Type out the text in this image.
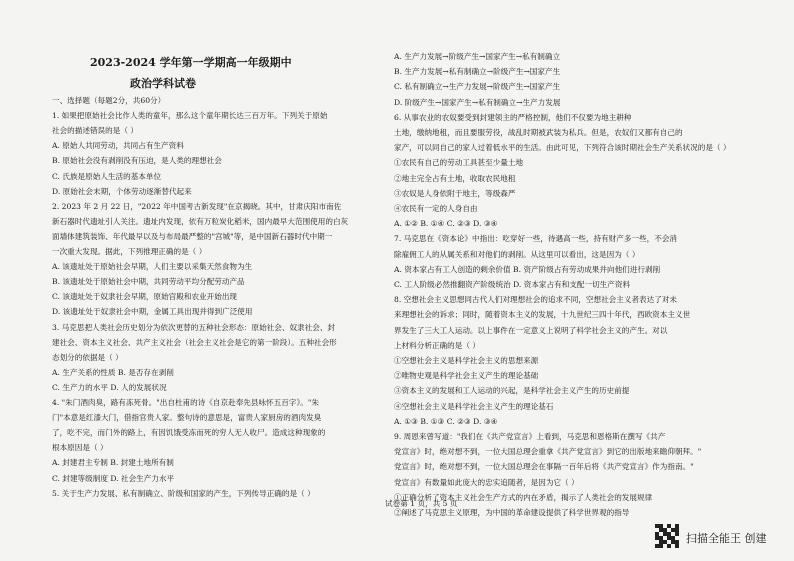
2023-2024 学年第一学期高一年级期中
政治学科试卷
一、选择题（每题2分，共60分）
1. 如果把原始社会比作人类的童年，那么这个童年期长达三百万年。下列关于原始
社会的描述错误的是（ ）
A. 原始人共同劳动，共同占有生产资料
B. 原始社会没有剥削没有压迫，是人类的理想社会
C. 氏族是原始人生活的基本单位
D. 原始社会末期，个体劳动逐渐替代起来
2. 2023 年 2 月 22 日，"2022 年中国考古新发现"在京揭晓。其中，甘肃庆阳市南佐
新石器时代遗址引人关注。遗址内发现，依有万粒炭化稻米，国内最早大范围使用的白灰
面墙体建筑装饰、年代最早以及与布局最严整的"宫城"等，是中国新石器时代中期一
一次重大发现。据此，下列推理正确的是（ ）
A. 该遗址处于原始社会早期，人们主要以采集天然食物为生
B. 该遗址处于原始社会中期，共同劳动平均分配劳动产品
C. 该遗址处于奴隶社会早期，原始宫殿和农业开始出现
D. 该遗址处于奴隶社会中期，金属工具出现并得到广泛使用
3. 马克思把人类社会历史划分为依次更替的五种社会形态：原始社会、奴隶社会、封
建社会、资本主义社会、共产主义社会（社会主义社会是它的第一阶段）。五种社会形
态划分的依据是（ ）
A. 生产关系的性质 B. 是否存在剥削
C. 生产力的水平 D. 人的发展状况
4. "朱门酒肉臭，路有冻死骨。"出自杜甫的诗《自京赴奉先县咏怀五百字》。"朱
门"本意是红漆大门，借指官贵人家。整句诗的意思是，富贵人家厨房的酒肉发臭
了，吃不完，而门外的路上，有因饥饿受冻而死的穷人无人收尸。造成这种现象的
根本原因是（ ）
A. 封建君主专制 B. 封建土地所有制
C. 封建等级制度 D. 社会生产力水平
5. 关于生产力发展、私有制确立、阶级和国家的产生，下列传导正确的是（ ）
A. 生产力发展→阶级产生→国家产生→私有制确立
B. 生产力发展→私有制确立→阶级产生→国家产生
C. 私有制确立→生产力发展→阶级产生→国家产生
D. 阶级产生→国家产生→私有制确立→生产力发展
6. 从事农业的农奴要受到封建领主的严格控制，他们不仅要为地主耕种
土地，缴纳地租，而且要服劳役，战乱时期被武装为私兵。但是，农奴们又都有自己的
家产，可以同自己的家人过着低水平的生活。由此可见，下列符合该时期社会生产关系状况的是（ ）
①农民有自己的劳动工具甚至少量土地
②地主完全占有土地，收取农民地租
③农奴是人身依附于地主，等级森严
④农民有一定的人身自由
A. ①② B. ①④ C. ②③ D. ③④
7. 马克思在《资本论》中指出：吃穿好一些，待遇高一些，持有财产多一些，不会消
除雇佣工人的从属关系和对他们的剥削。从这里可以看出，这是因为（ ）
A. 资本家占有工人创造的剩余价值 B. 资产阶级占有劳动成果并向他们进行剥削
C. 工人阶级必然推翻资产阶级统治 D. 资本家占有和支配一切生产资料
8. 空想社会主义思想同古代人们对理想社会的追求不同，空想社会主义者表达了对未
来理想社会的诉求；同时，随着资本主义的发展，十九世纪三四十年代，西欧资本主义世
界发生了三大工人运动。以上事件在一定意义上说明了科学社会主义的产生。对以
上材料分析正确的是（ ）
①空想社会主义是科学社会主义的思想来源
②唯物史观是科学社会主义产生的理论基础
③资本主义的发展和工人运动的兴起，是科学社会主义产生的历史前提
④空想社会主义是科学社会主义产生的理论基石
A. ①③ B. ①③ C. ②③ D. ③④
9. 周恩来曾写道："我们在《共产党宣言》上看到，马克思和恩格斯在撰写《共产
党宣言》时，绝对想不到，一位大国总理会重拿《共产党宣言》到它的出版地来瞻仰朝拜。"
党宣言》时，绝对想不到，一位大国总理会在事隔一百年后将《共产党宣言》作为指南。"
党宣言》有数量如此庞大的忠实追随者，是因为它（ ）
①正确分析了资本主义社会生产方式的内在矛盾，揭示了人类社会的发展规律
②阐述了马克思主义原理，为中国的革命建设提供了科学世界观的指导
试卷第 1 页，共 5 页
扫描全能王 创建
